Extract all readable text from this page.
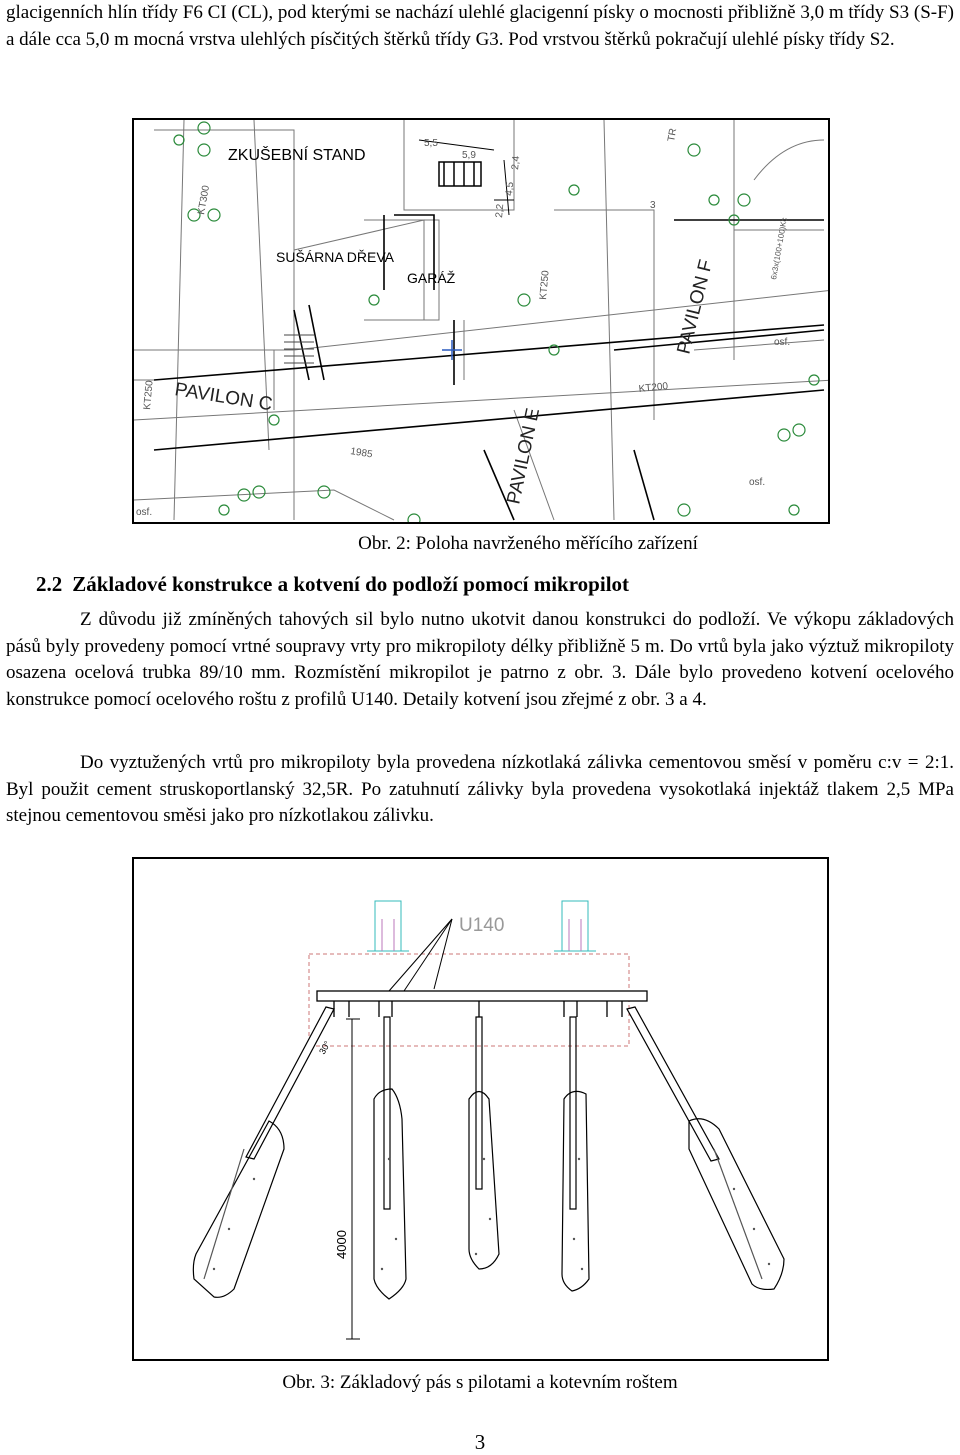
glacigenních hlín třídy F6 CI (CL), pod kterými se nachází ulehlé glacigenní písky o mocnosti přibližně 3,0 m třídy S3 (S-F) a dále cca 5,0 m mocná vrstva ulehlých písčitých štěrků třídy G3. Pod vrstvou štěrků pokračují ulehlé písky třídy S2.
ZKUŠEBNÍ STAND
SUŠÁRNA DŘEVA
GARÁŽ
PAVILON C
PAVILON E
PAVILON F
KT300
KT250
KT250
KT200
1985
osf.
osf.
osf.
TR
5,5
5,9
2,2
4,5
2,4
3
6x3x(100+100)Kc
Obr. 2: Poloha navrženého měřícího zařízení
2.2 Základové konstrukce a kotvení do podloží pomocí mikropilot
Z důvodu již zmíněných tahových sil bylo nutno ukotvit danou konstrukci do podloží. Ve výkopu základových pásů byly provedeny pomocí vrtné soupravy vrty pro mikropiloty délky přibližně 5 m. Do vrtů byla jako výztuž mikropiloty osazena ocelová trubka 89/10 mm. Rozmístění mikropilot je patrno z obr. 3. Dále bylo provedeno kotvení ocelového konstrukce pomocí ocelového roštu z profilů U140. Detaily kotvení jsou zřejmé z obr. 3 a 4.
Do vyztužených vrtů pro mikropiloty byla provedena nízkotlaká zálivka cementovou směsí v poměru c:v = 2:1. Byl použit cement struskoportlanský 32,5R. Po zatuhnutí zálivky byla provedena vysokotlaká injektáž tlakem 2,5 MPa stejnou cementovou směsi jako pro nízkotlakou zálivku.
U140
4000
30°
Obr. 3: Základový pás s pilotami a kotevním roštem
3
